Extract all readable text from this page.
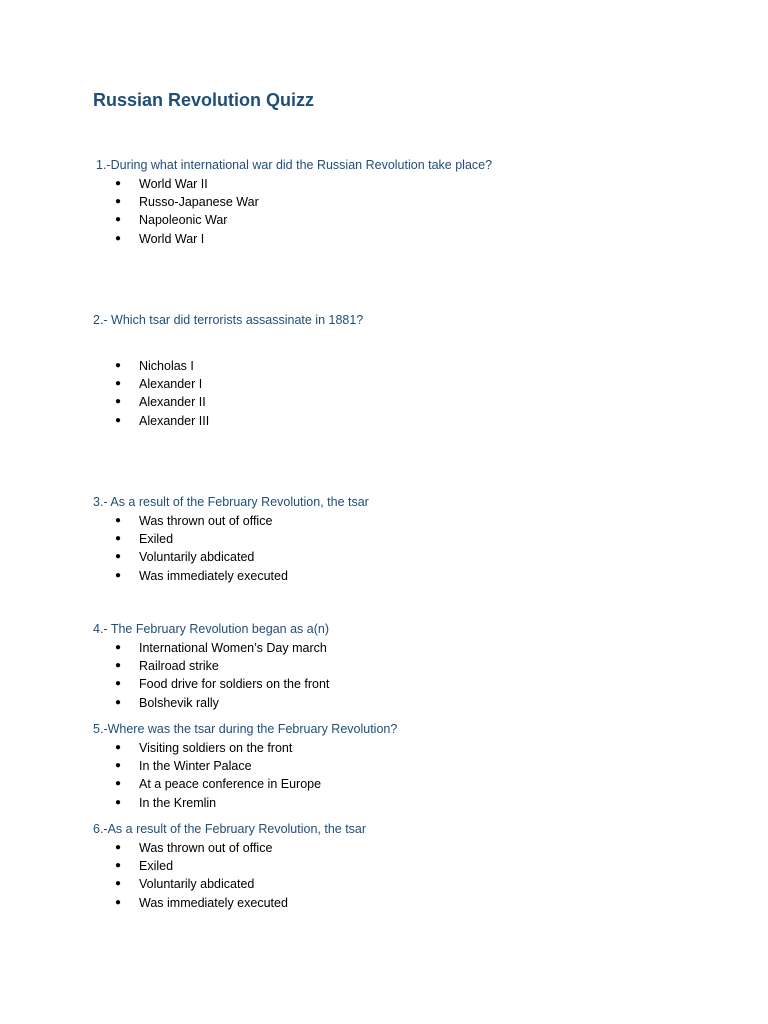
Russian Revolution Quizz
1.-During what international war did the Russian Revolution take place?
●	World War II
●	Russo-Japanese War
●	Napoleonic War
●	World War I
2.- Which tsar did terrorists assassinate in 1881?
●	Nicholas I
●	Alexander I
●	Alexander II
●	Alexander III
3.- As a result of the February Revolution, the tsar
●	Was thrown out of office
●	Exiled
●	Voluntarily abdicated
●	Was immediately executed
4.- The February Revolution began as a(n)
●	International Women’s Day march
●	Railroad strike
●	Food drive for soldiers on the front
●	Bolshevik rally
5.-Where was the tsar during the February Revolution?
●	Visiting soldiers on the front
●	In the Winter Palace
●	At a peace conference in Europe
●	In the Kremlin
6.-As a result of the February Revolution, the tsar
●	Was thrown out of office
●	Exiled
●	Voluntarily abdicated
●	Was immediately executed
